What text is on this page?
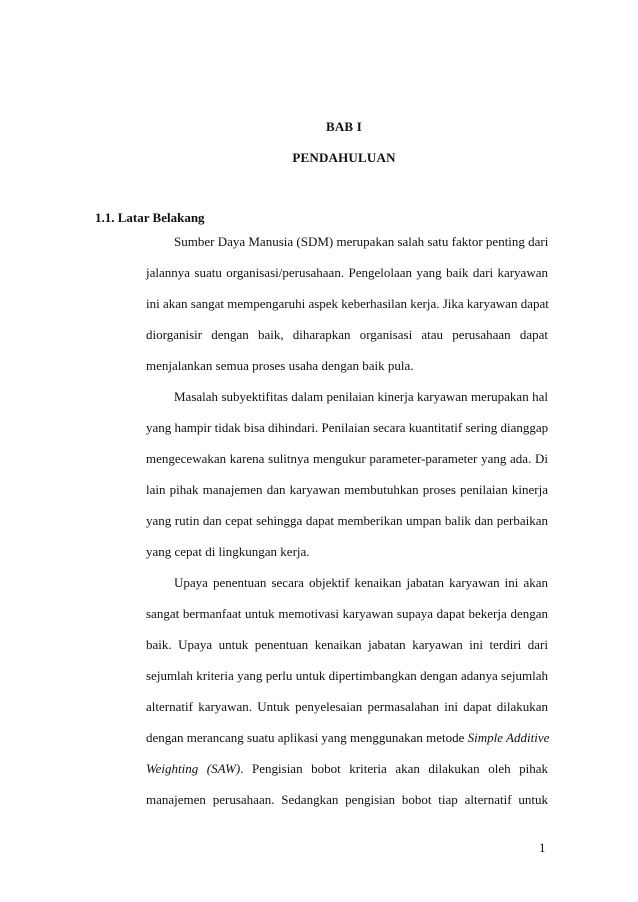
BAB I
PENDAHULUAN
1.1. Latar Belakang
Sumber Daya Manusia (SDM) merupakan salah satu faktor penting dari
jalannya suatu organisasi/perusahaan. Pengelolaan yang baik dari karyawan
ini akan sangat mempengaruhi aspek keberhasilan kerja. Jika karyawan dapat
diorganisir dengan baik, diharapkan organisasi atau perusahaan dapat
menjalankan semua proses usaha dengan baik pula.
Masalah subyektifitas dalam penilaian kinerja karyawan merupakan hal
yang hampir tidak bisa dihindari. Penilaian secara kuantitatif sering dianggap
mengecewakan karena sulitnya mengukur parameter-parameter yang ada. Di
lain pihak manajemen dan karyawan membutuhkan proses penilaian kinerja
yang rutin dan cepat sehingga dapat memberikan umpan balik dan perbaikan
yang cepat di lingkungan kerja.
Upaya penentuan secara objektif kenaikan jabatan karyawan ini akan
sangat bermanfaat untuk memotivasi karyawan supaya dapat bekerja dengan
baik. Upaya untuk penentuan kenaikan jabatan karyawan ini terdiri dari
sejumlah kriteria yang perlu untuk dipertimbangkan dengan adanya sejumlah
alternatif karyawan. Untuk penyelesaian permasalahan ini dapat dilakukan
dengan merancang suatu aplikasi yang menggunakan metode Simple Additive
Weighting (SAW). Pengisian bobot kriteria akan dilakukan oleh pihak
manajemen perusahaan. Sedangkan pengisian bobot tiap alternatif untuk
1
